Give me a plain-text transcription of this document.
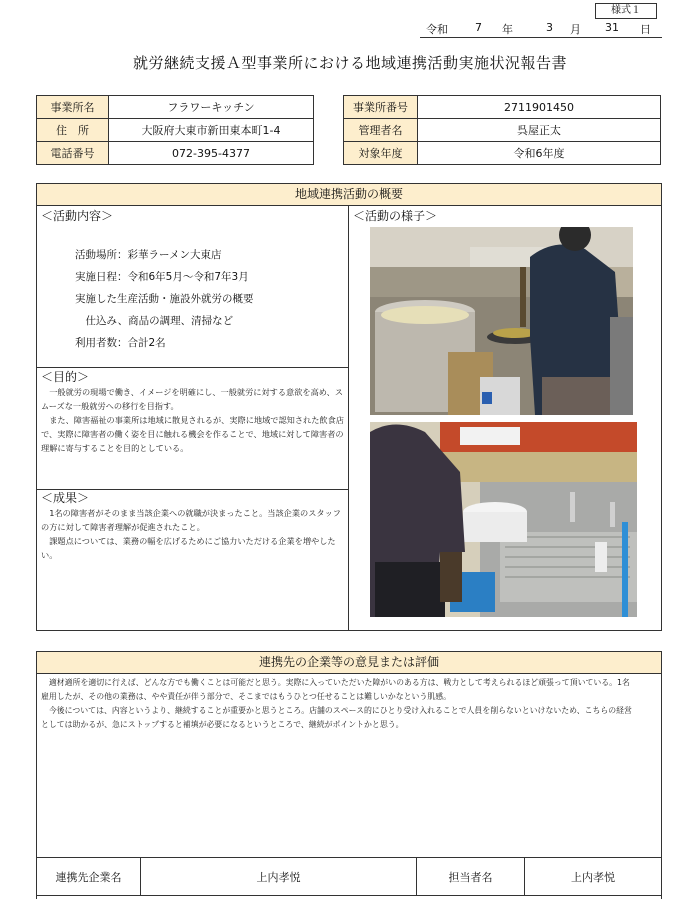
様式１
令和 7 年	3 月 31 日
就労継続支援Ａ型事業所における地域連携活動実施状況報告書
事業所名	フラワーキッチン
住　所	大阪府大東市新田東本町1-4
電話番号	072-395-4377
事業所番号	2711901450
管理者名	呉屋正太
対象年度	令和6年度
地域連携活動の概要
＜活動内容＞
活動場所：彩華ラーメン大東店
実施日程：令和6年5月～令和7年3月
実施した生産活動・施設外就労の概要
　仕込み、商品の調理、清掃など
利用者数：合計2名
＜目的＞
　一般就労の現場で働き、イメージを明確にし、一般就労に対する意欲を高め、ス
ムーズな一般就労への移行を目指す。
　また、障害福祉の事業所は地域に散見されるが、実際に地域で認知された飲食店
で、実際に障害者の働く姿を目に触れる機会を作ることで、地域に対して障害者の
理解に寄与することを目的としている。
＜成果＞
　1名の障害者がそのまま当該企業への就職が決まったこと。当該企業のスタッフ
の方に対して障害者理解が促進されたこと。
　課題点については、業務の幅を広げるためにご協力いただける企業を増やした
い。
＜活動の様子＞
連携先の企業等の意見または評価
　適材適所を適切に行えば、どんな方でも働くことは可能だと思う。実際に入っていただいた障がいのある方は、戦力として考えられるほど頑張って頂いている。1名
雇用したが、その他の業務は、やや責任が伴う部分で、そこまではもうひとつ任せることは難しいかなという肌感。
　今後については、内容というより、継続することが重要かと思うところ。店舗のスペース的にひとり受け入れることで人員を削らないといけないため、こちらの経営
としては助かるが、急にストップすると補填が必要になるというところで、継続がポイントかと思う。
連携先企業名	上内孝悦	担当者名	上内孝悦
